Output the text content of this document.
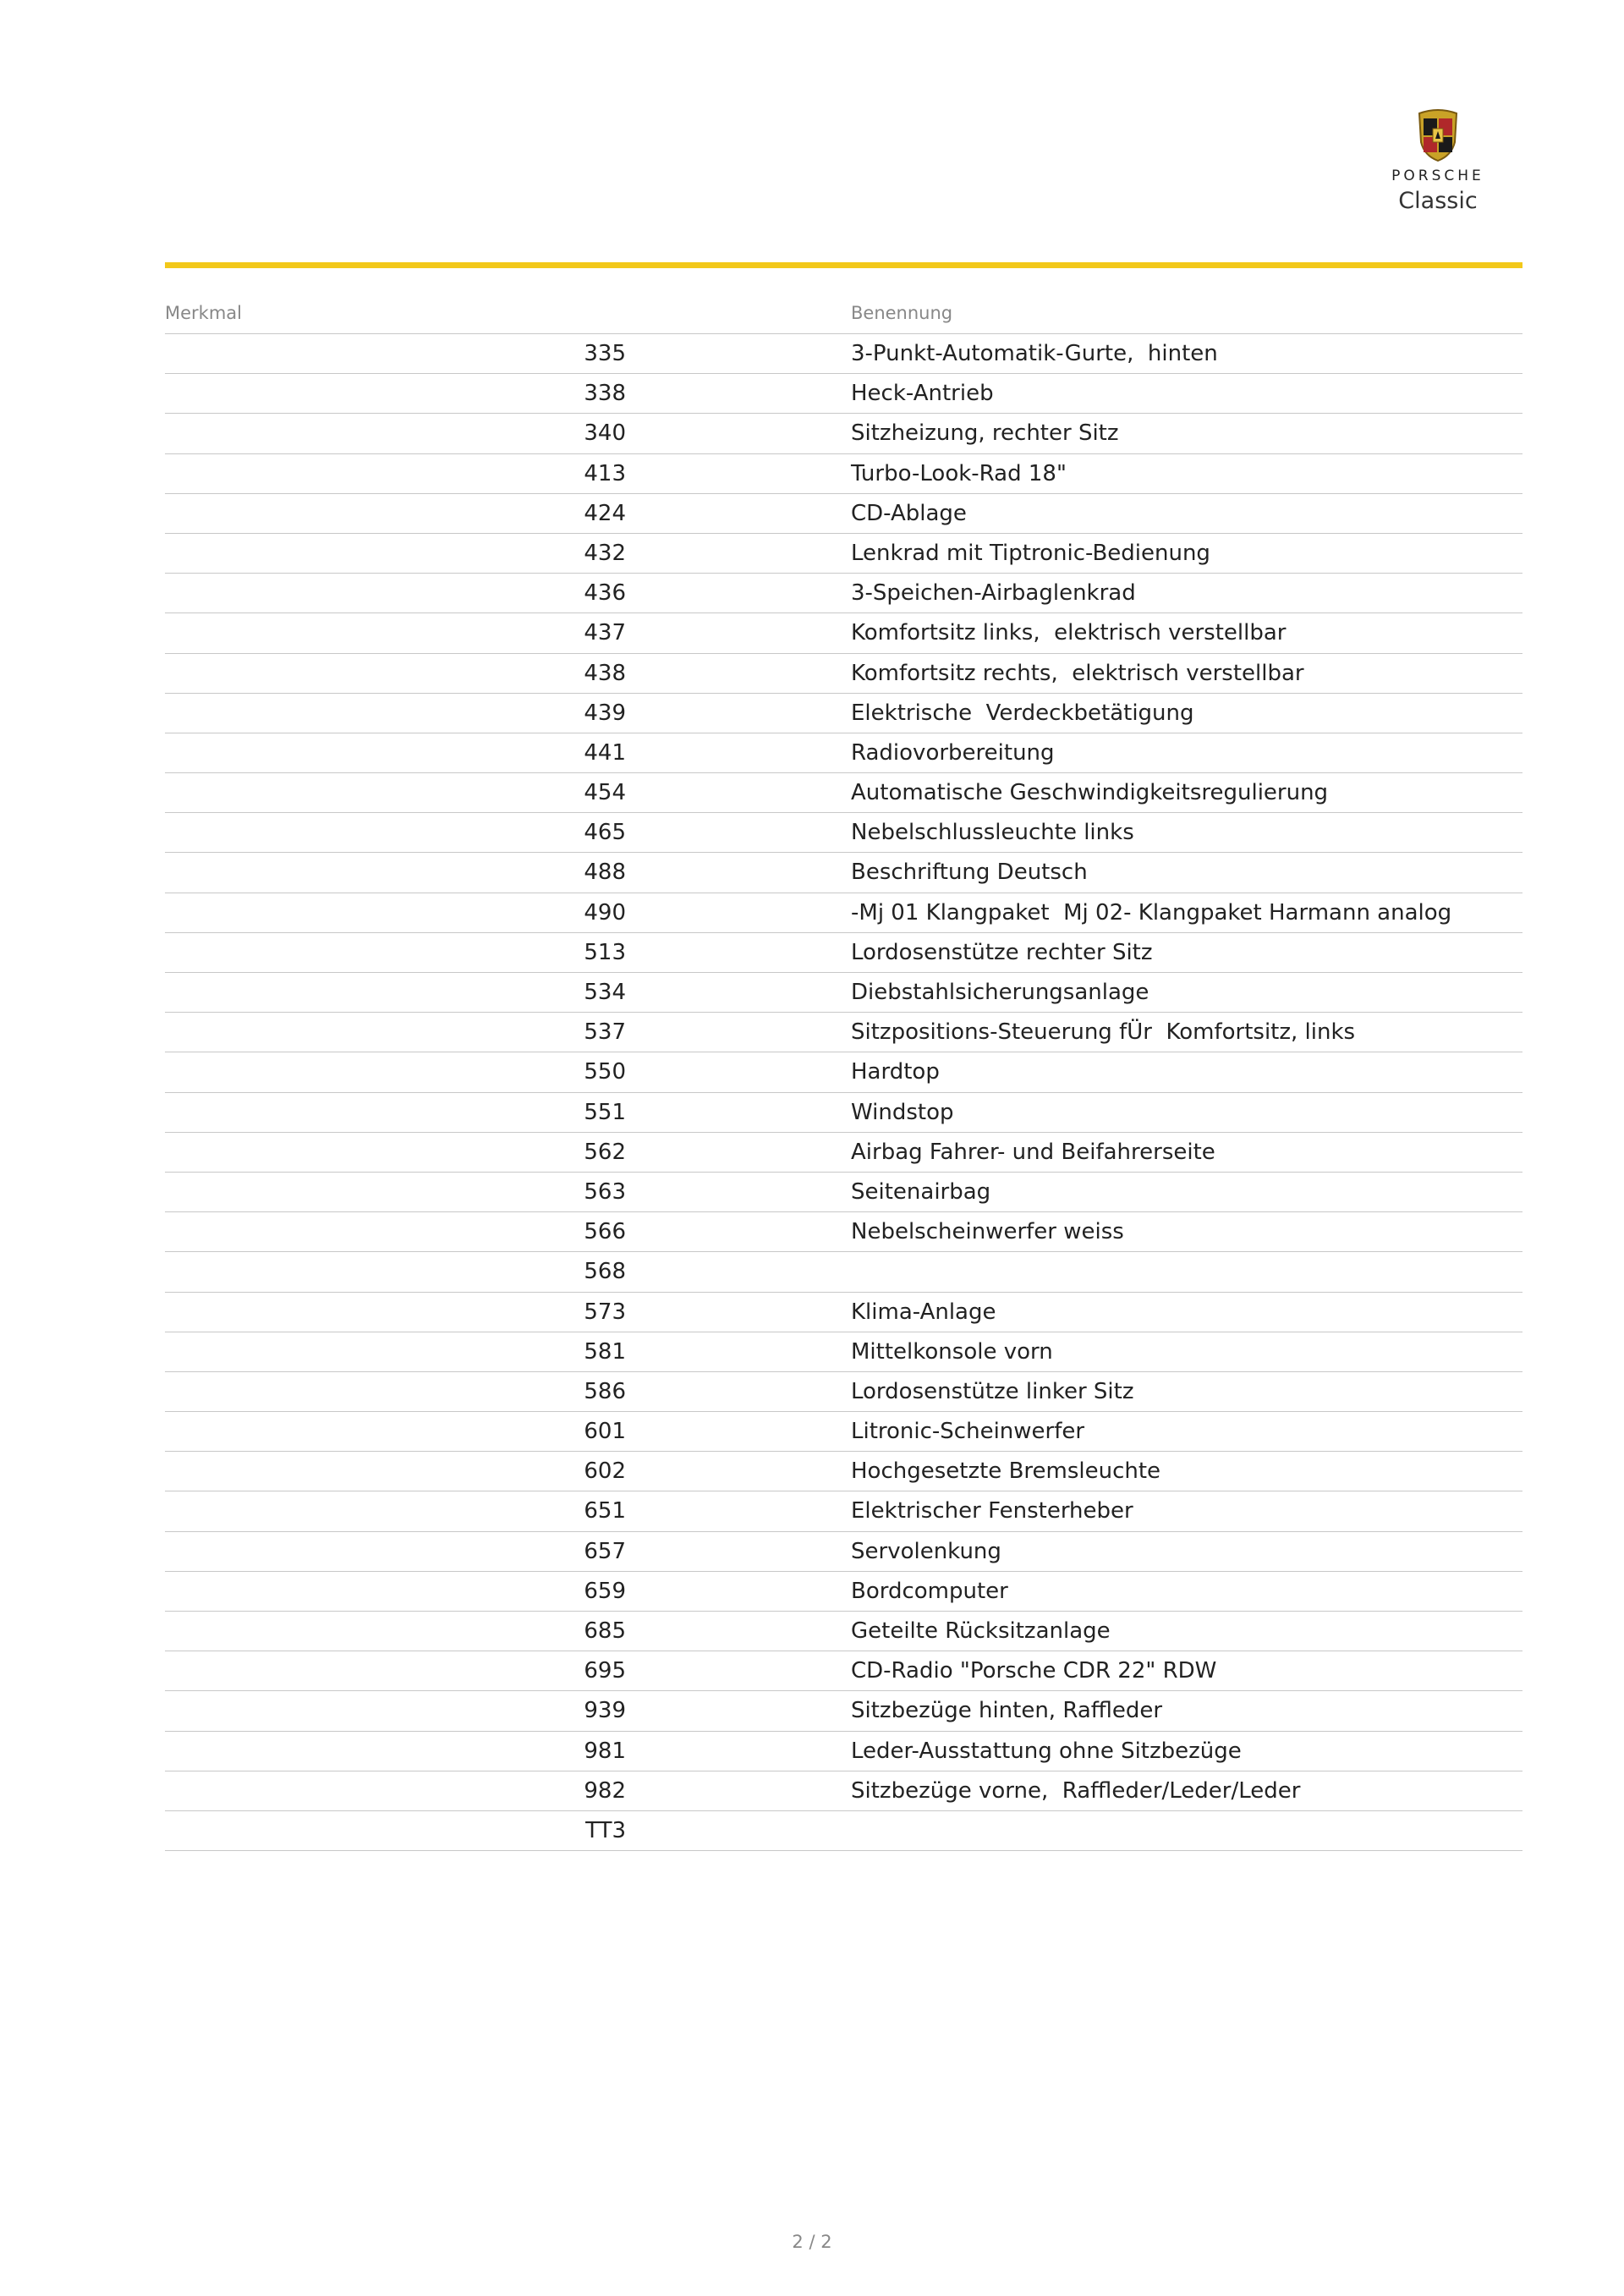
PORSCHE
Classic
Merkmal	Benennung
335	3-Punkt-Automatik-Gurte,  hinten
338	Heck-Antrieb
340	Sitzheizung, rechter Sitz
413	Turbo-Look-Rad 18"
424	CD-Ablage
432	Lenkrad mit Tiptronic-Bedienung
436	3-Speichen-Airbaglenkrad
437	Komfortsitz links,  elektrisch verstellbar
438	Komfortsitz rechts,  elektrisch verstellbar
439	Elektrische  Verdeckbetätigung
441	Radiovorbereitung
454	Automatische Geschwindigkeitsregulierung
465	Nebelschlussleuchte links
488	Beschriftung Deutsch
490	-Mj 01 Klangpaket  Mj 02- Klangpaket Harmann analog
513	Lordosenstütze rechter Sitz
534	Diebstahlsicherungsanlage
537	Sitzpositions-Steuerung fÜr  Komfortsitz, links
550	Hardtop
551	Windstop
562	Airbag Fahrer- und Beifahrerseite
563	Seitenairbag
566	Nebelscheinwerfer weiss
568
573	Klima-Anlage
581	Mittelkonsole vorn
586	Lordosenstütze linker Sitz
601	Litronic-Scheinwerfer
602	Hochgesetzte Bremsleuchte
651	Elektrischer Fensterheber
657	Servolenkung
659	Bordcomputer
685	Geteilte Rücksitzanlage
695	CD-Radio "Porsche CDR 22" RDW
939	Sitzbezüge hinten, Raffleder
981	Leder-Ausstattung ohne Sitzbezüge
982	Sitzbezüge vorne,  Raffleder/Leder/Leder
TT3
2 / 2
